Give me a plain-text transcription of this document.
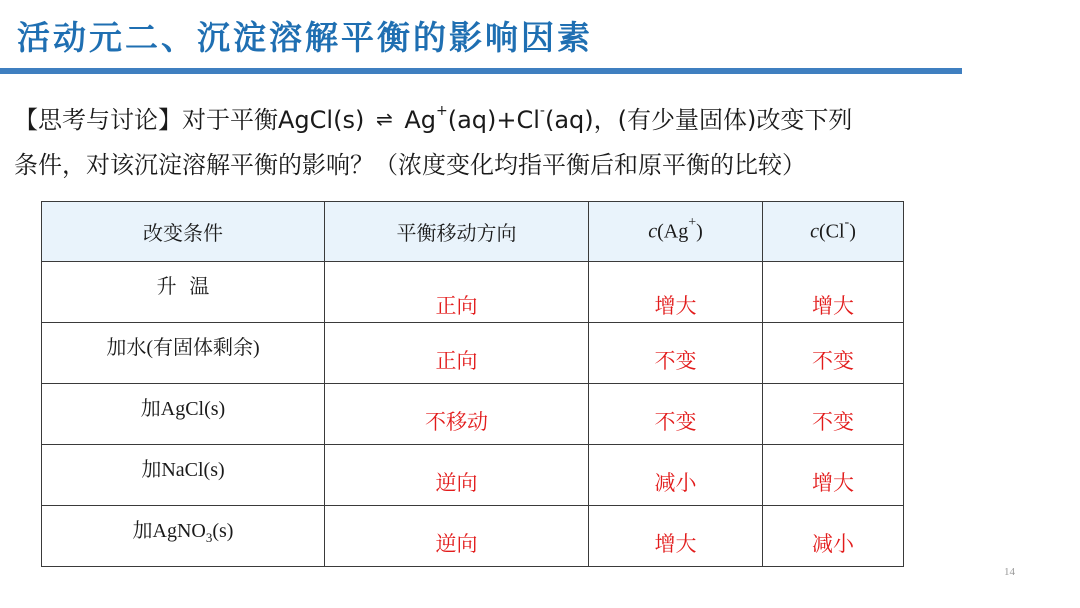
活动元二、沉淀溶解平衡的影响因素
【思考与讨论】对于平衡AgCl(s) ⇌ Ag+(aq)+Cl-(aq)，(有少量固体)改变下列
条件，对该沉淀溶解平衡的影响？（浓度变化均指平衡后和原平衡的比较）
改变条件	平衡移动方向	c(Ag+)	c(Cl-)

升  温	正向	增大	增大

加水(有固体剩余)	正向	不变	不变

加AgCl(s)	不移动	不变	不变

加NaCl(s)	逆向	减小	增大

加AgNO$_3$(s)	逆向	增大	减小
14
